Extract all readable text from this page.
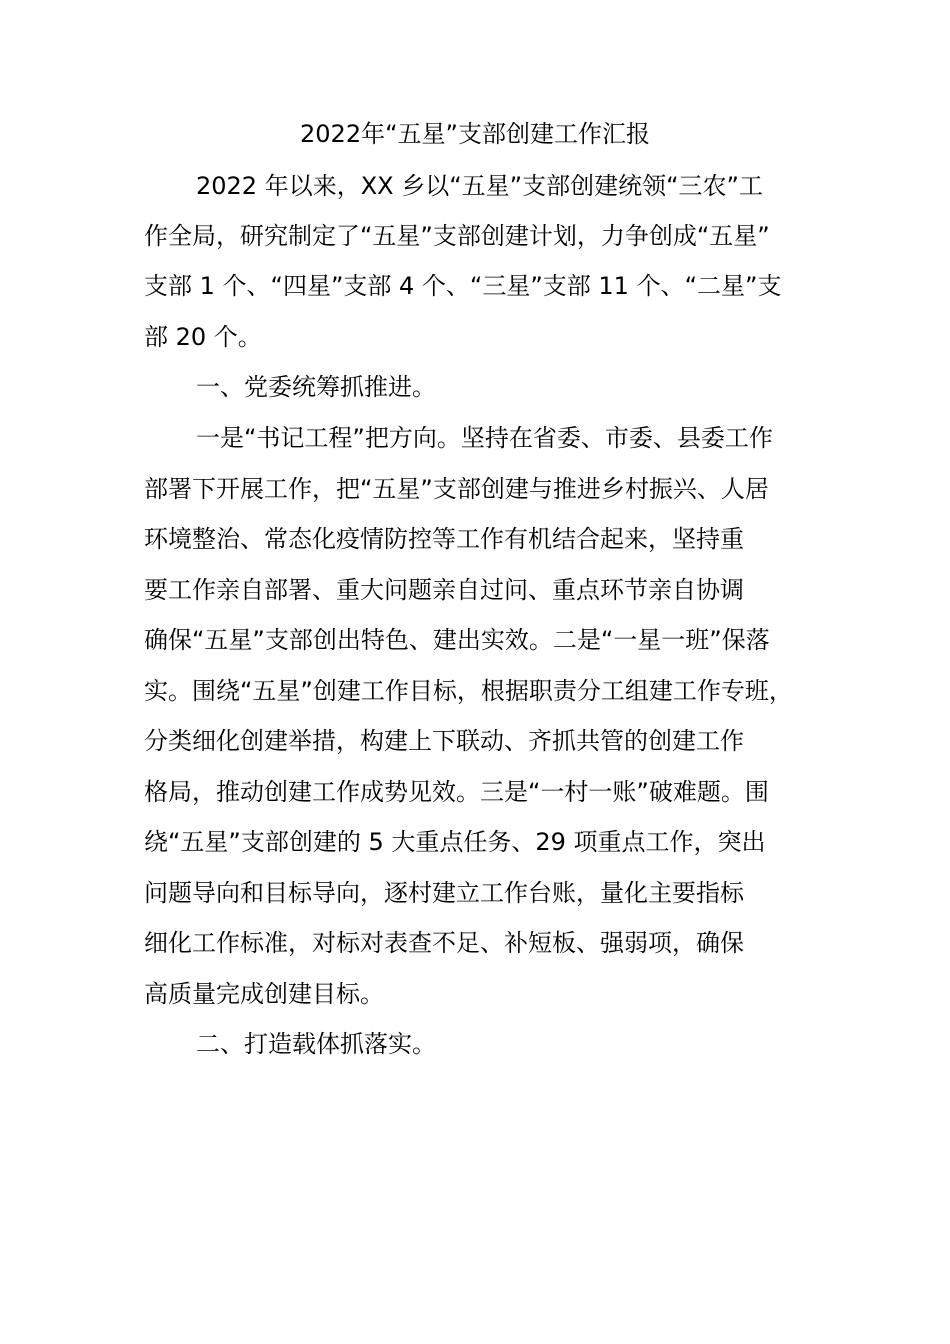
2022年“五星”支部创建工作汇报
2022 年以来，XX 乡以“五星”支部创建统领“三农”工
作全局，研究制定了“五星”支部创建计划，力争创成“五星”
支部 1 个、“四星”支部 4 个、“三星”支部 11 个、“二星”支
部 20 个。
一、党委统筹抓推进。
一是“书记工程”把方向。坚持在省委、市委、县委工作
部署下开展工作，把“五星”支部创建与推进乡村振兴、人居
环境整治、常态化疫情防控等工作有机结合起来，坚持重
要工作亲自部署、重大问题亲自过问、重点环节亲自协调
确保“五星”支部创出特色、建出实效。二是“一星一班”保落
实。围绕“五星”创建工作目标，根据职责分工组建工作专班，
分类细化创建举措，构建上下联动、齐抓共管的创建工作
格局，推动创建工作成势见效。三是“一村一账”破难题。围
绕“五星”支部创建的 5 大重点任务、29 项重点工作，突出
问题导向和目标导向，逐村建立工作台账，量化主要指标
细化工作标准，对标对表查不足、补短板、强弱项，确保
高质量完成创建目标。
二、打造载体抓落实。
